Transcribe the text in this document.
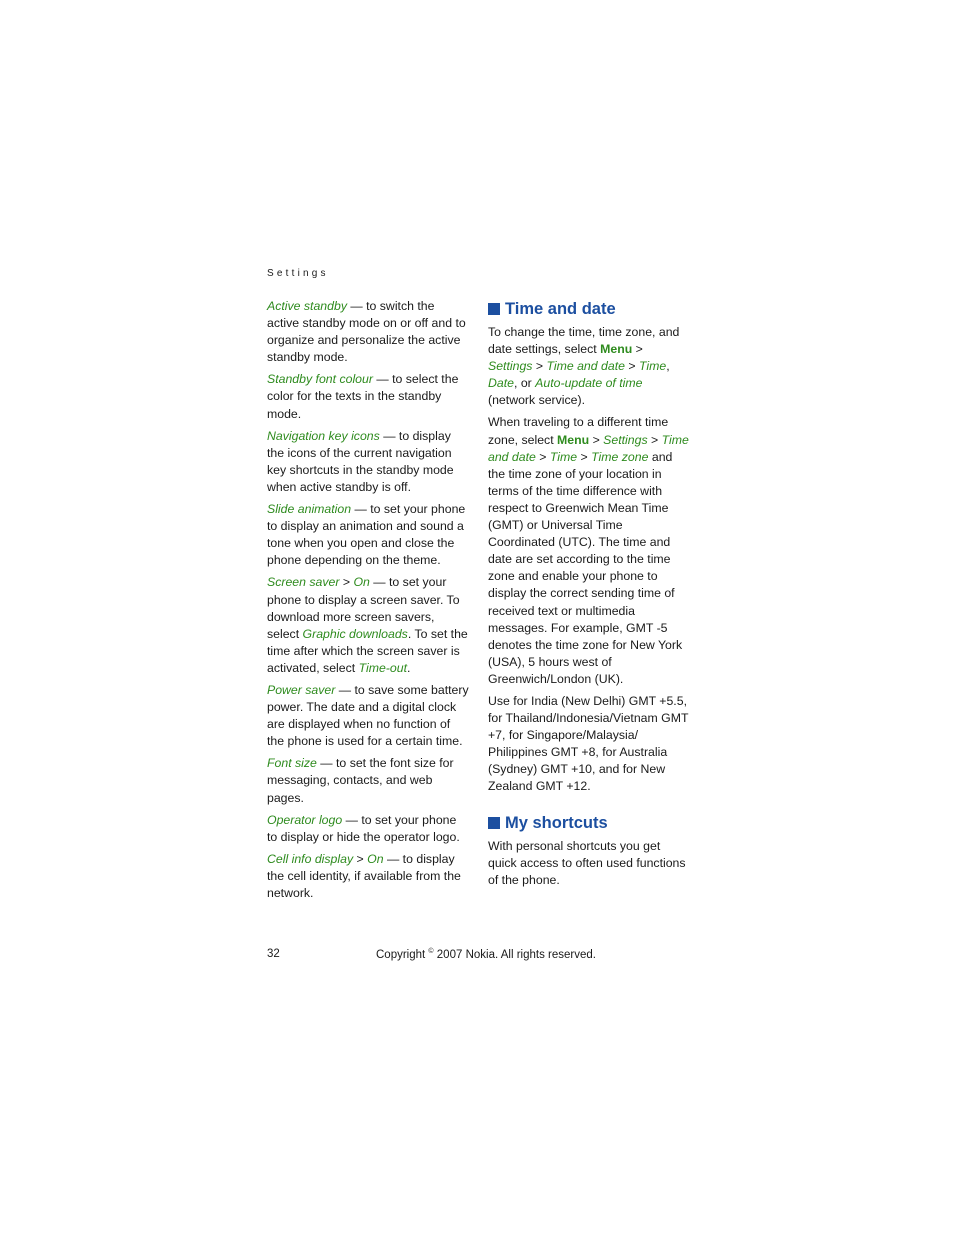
Settings

Active standby — to switch the active standby mode on or off and to organize and personalize the active standby mode.

Standby font colour — to select the color for the texts in the standby mode.

Navigation key icons — to display the icons of the current navigation key shortcuts in the standby mode when active standby is off.

Slide animation — to set your phone to display an animation and sound a tone when you open and close the phone depending on the theme.

Screen saver > On — to set your phone to display a screen saver. To download more screen savers, select Graphic downloads. To set the time after which the screen saver is activated, select Time-out.

Power saver — to save some battery power. The date and a digital clock are displayed when no function of the phone is used for a certain time.

Font size — to set the font size for messaging, contacts, and web pages.

Operator logo — to set your phone to display or hide the operator logo.

Cell info display > On — to display the cell identity, if available from the network.

Time and date

To change the time, time zone, and date settings, select Menu > Settings > Time and date > Time, Date, or Auto-update of time (network service).

When traveling to a different time zone, select Menu > Settings > Time and date > Time > Time zone and the time zone of your location in terms of the time difference with respect to Greenwich Mean Time (GMT) or Universal Time Coordinated (UTC). The time and date are set according to the time zone and enable your phone to display the correct sending time of received text or multimedia messages. For example, GMT -5 denotes the time zone for New York (USA), 5 hours west of Greenwich/London (UK).

Use for India (New Delhi) GMT +5.5, for Thailand/Indonesia/Vietnam GMT +7, for Singapore/Malaysia/ Philippines GMT +8, for Australia (Sydney) GMT +10, and for New Zealand GMT +12.

My shortcuts

With personal shortcuts you get quick access to often used functions of the phone.

32	Copyright © 2007 Nokia. All rights reserved.
